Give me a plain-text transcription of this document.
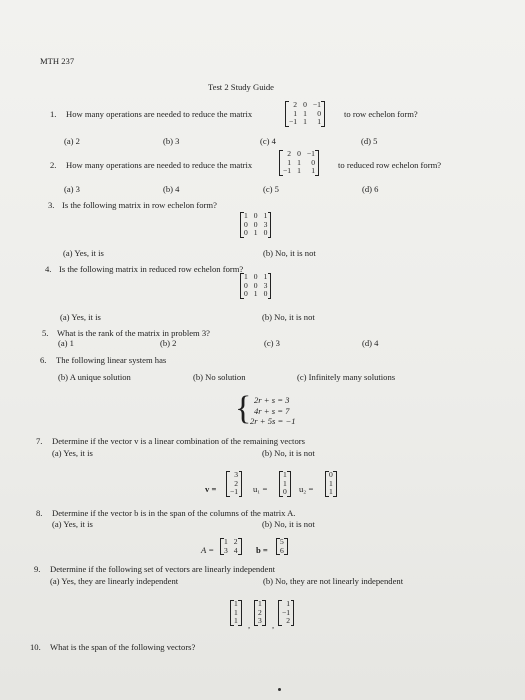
MTH 237
Test 2 Study Guide
1. How many operations are needed to reduce the matrix
2	0	−1
1	1	0
−1	1	1

to row echelon form?
(a) 2	(b) 3	(c) 4	(d) 5
2. How many operations are needed to reduce the matrix
2	0	−1
1	1	0
−1	1	1

to reduced row echelon form?
(a) 3	(b) 4	(c) 5	(d) 6
3. Is the following matrix in row echelon form?
1	0	1
0	0	3
0	1	0

(a) Yes, it is	(b) No, it is not
4. Is the following matrix in reduced row echelon form?
1	0	1
0	0	3
0	1	0

(a) Yes, it is	(b) No, it is not
5. What is the rank of the matrix in problem 3?
(a) 1	(b) 2	(c) 3	(d) 4
6. The following linear system has
(b) A unique solution	(b) No solution	(c) Infinitely many solutions
{ 2r + s = 3
4r + s = 7
2r + 5s = −1
7. Determine if the vector v is a linear combination of the remaining vectors
(a) Yes, it is	(b) No, it is not
v =
3
2
−1 u₁ =
1
1
0 u₂ =
0
1
1

8. Determine if the vector b is in the span of the columns of the matrix A.
(a) Yes, it is	(b) No, it is not
A =
1	2
3	4 b =
5
6

9. Determine if the following set of vectors are linearly independent
(a) Yes, they are linearly independent	(b) No, they are not linearly independent
1
1
1 ,
1
2
3 ,
1
−1
2

10. What is the span of the following vectors?
